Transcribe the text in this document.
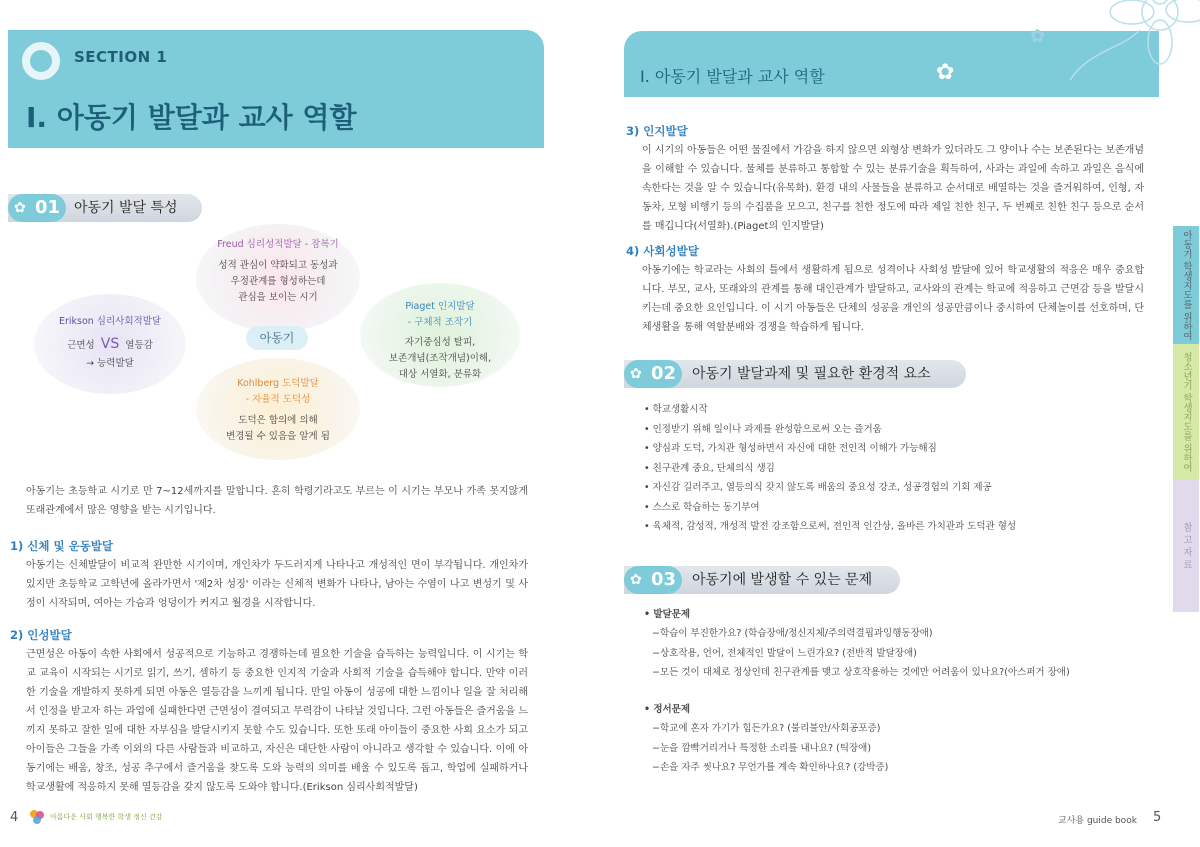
SECTION 1
Ⅰ. 아동기 발달과 교사 역할
✿ 01	아동기 발달 특성
Freud 심리성적발달 - 잠복기
성적 관심이 약화되고 동성과
우정관계를 형성하는데
관심을 보이는 시기
Erikson 심리사회적발달
근면성 VS 열등감
→ 능력발달
Piaget 인지발달
- 구체적 조작기
자기중심성 탈피,
보존개념(조작개념)이해,
대상 서열화, 분류화
Kohlberg 도덕발달
- 자율적 도덕성
도덕은 합의에 의해
변경될 수 있음을 알게 됨
아동기
아동기는 초등학교 시기로 만 7~12세까지를 말합니다. 흔히 학령기라고도 부르는 이 시기는 부모나 가족 못지않게 또래관계에서 많은 영향을 받는 시기입니다.
1) 신체 및 운동발달
아동기는 신체발달이 비교적 완만한 시기이며, 개인차가 두드러지게 나타나고 개성적인 면이 부각됩니다. 개인차가 있지만 초등학교 고학년에 올라가면서 '제2차 성징' 이라는 신체적 변화가 나타나, 남아는 수염이 나고 변성기 및 사정이 시작되며, 여아는 가슴과 엉덩이가 커지고 월경을 시작합니다.
2) 인성발달
근면성은 아동이 속한 사회에서 성공적으로 기능하고 경쟁하는데 필요한 기술을 습득하는 능력입니다. 이 시기는 학교 교육이 시작되는 시기로 읽기, 쓰기, 셈하기 등 중요한 인지적 기술과 사회적 기술을 습득해야 합니다. 만약 이러한 기술을 개발하지 못하게 되면 아동은 열등감을 느끼게 됩니다. 만일 아동이 성공에 대한 느낌이나 일을 잘 처리해서 인정을 받고자 하는 과업에 실패한다면 근면성이 결여되고 무력감이 나타날 것입니다. 그런 아동들은 즐거움을 느끼지 못하고 잘한 일에 대한 자부심을 발달시키지 못할 수도 있습니다. 또한 또래 아이들이 중요한 사회 요소가 되고 아이들은 그들을 가족 이외의 다른 사람들과 비교하고, 자신은 대단한 사람이 아니라고 생각할 수 있습니다. 이에 아동기에는 배움, 창조, 성공 추구에서 즐거움을 찾도록 도와 능력의 의미를 배울 수 있도록 돕고, 학업에 실패하거나 학교생활에 적응하지 못해 열등감을 갖지 않도록 도와야 합니다.(Erikson 심리사회적발달)
4	아름다운 사회 행복한 학생 정신 건강
Ⅰ. 아동기 발달과 교사 역할	✿
✿
3) 인지발달
이 시기의 아동들은 어떤 물질에서 가감을 하지 않으면 외형상 변화가 있더라도 그 양이나 수는 보존된다는 보존개념을 이해할 수 있습니다. 물체를 분류하고 통합할 수 있는 분류기술을 획득하여, 사과는 과일에 속하고 과일은 음식에 속한다는 것을 알 수 있습니다(유목화). 환경 내의 사물들을 분류하고 순서대로 배열하는 것을 즐거워하여, 인형, 자동차, 모형 비행기 등의 수집품을 모으고, 친구를 친한 정도에 따라 제일 친한 친구, 두 번째로 친한 친구 등으로 순서를 매깁니다(서열화).(Piaget의 인지발달)
4) 사회성발달
아동기에는 학교라는 사회의 틀에서 생활하게 됨으로 성격이나 사회성 발달에 있어 학교생활의 적응은 매우 중요합니다. 부모, 교사, 또래와의 관계를 통해 대인관계가 발달하고, 교사와의 관계는 학교에 적응하고 근면감 등을 발달시키는데 중요한 요인입니다. 이 시기 아동들은 단체의 성공을 개인의 성공만큼이나 중시하여 단체놀이를 선호하며, 단체생활을 통해 역할분배와 경쟁을 학습하게 됩니다.
✿ 02	아동기 발달과제 및 필요한 환경적 요소
• 학교생활시작
• 인정받기 위해 일이나 과제를 완성함으로써 오는 즐거움
• 양심과 도덕, 가치관 형성하면서 자신에 대한 전인적 이해가 가능해짐
• 친구관계 중요, 단체의식 생김
• 자신감 길러주고, 열등의식 갖지 않도록 배움의 중요성 강조, 성공경험의 기회 제공
• 스스로 학습하는 동기부여
• 육체적, 감성적, 개성적 발전 강조함으로써, 전인적 인간상, 올바른 가치관과 도덕관 형성
✿ 03	아동기에 발생할 수 있는 문제
• 발달문제
−학습이 부진한가요? (학습장애/정신지체/주의력결핍과잉행동장애)
−상호작용, 언어, 전체적인 발달이 느린가요? (전반적 발달장애)
−모든 것이 대체로 정상인데 친구관계를 맺고 상호작용하는 것에만 어려움이 있나요?(아스퍼거 장애)
• 정서문제
−학교에 혼자 가기가 힘든가요? (불리불안/사회공포증)
−눈을 깜빡거리거나 특정한 소리를 내나요? (틱장애)
−손을 자주 씻나요? 무언가를 계속 확인하나요? (강박증)
아동기 학생지도를 위하여
청소년기 학생지도를 위하여
참 고 자 료
교사용 guide book 5
